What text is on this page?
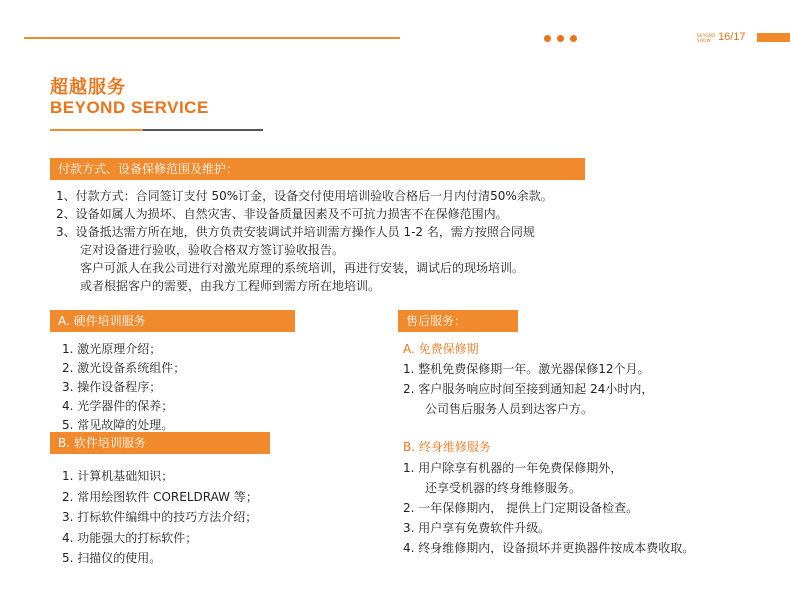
BEYOND
SHOW 16/17
超越服务
BEYOND SERVICE
付款方式、设备保修范围及维护：
1、付款方式：合同签订支付 50%订金，设备交付使用培训验收合格后一月内付清50%余款。
2、设备如属人为损坏、自然灾害、非设备质量因素及不可抗力损害不在保修范围内。
3、设备抵达需方所在地，供方负责安装调试并培训需方操作人员 1-2 名，需方按照合同规
定对设备进行验收，验收合格双方签订验收报告。
客户可派人在我公司进行对激光原理的系统培训，再进行安装，调试后的现场培训。
或者根据客户的需要，由我方工程师到需方所在地培训。
A. 硬件培训服务
1. 激光原理介绍；
2. 激光设备系统组件；
3. 操作设备程序；
4. 光学器件的保养；
5. 常见故障的处理。
B. 软件培训服务
1. 计算机基础知识；
2. 常用绘图软件 CORELDRAW 等；
3. 打标软件编缉中的技巧方法介绍；
4. 功能强大的打标软件；
5. 扫描仪的使用。
售后服务：
A. 免费保修期
1. 整机免费保修期一年。激光器保修12个月。
2. 客户服务响应时间至接到通知起 24小时内，
公司售后服务人员到达客户方。
B. 终身维修服务
1. 用户除享有机器的一年免费保修期外，
还享受机器的终身维修服务。
2. 一年保修期内， 提供上门定期设备检查。
3. 用户享有免费软件升级。
4. 终身维修期内，设备损坏并更换器件按成本费收取。
